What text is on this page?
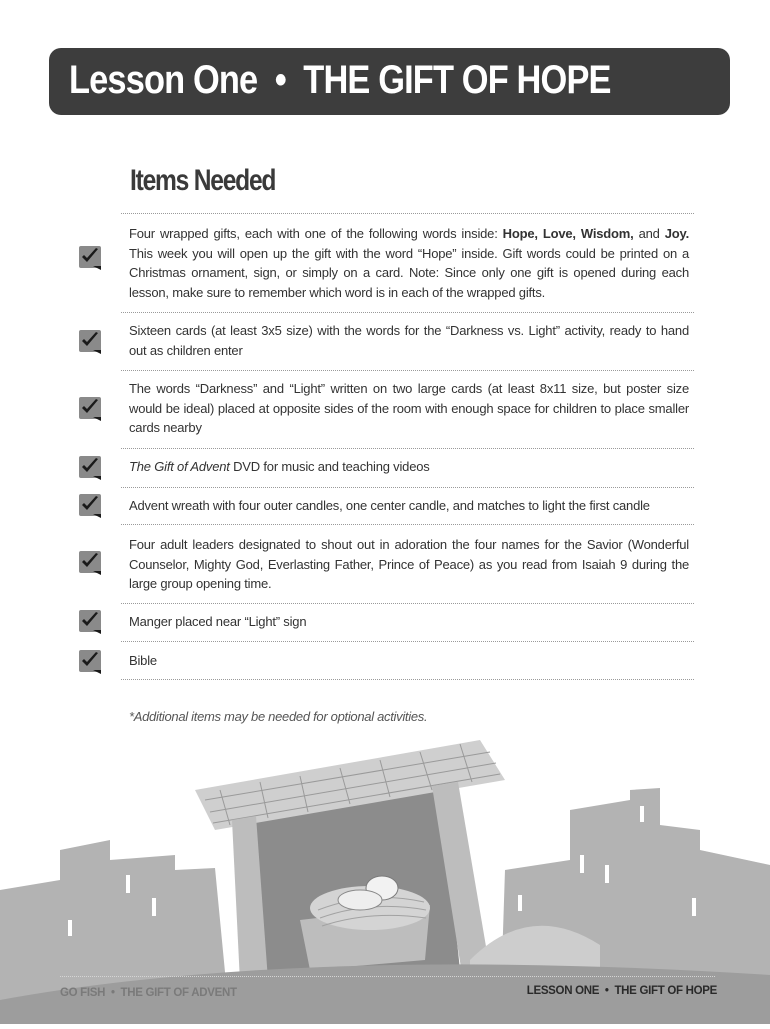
Lesson One • THE GIFT OF HOPE
Items Needed
Four wrapped gifts, each with one of the following words inside: Hope, Love, Wisdom, and Joy. This week you will open up the gift with the word “Hope” inside. Gift words could be printed on a Christmas ornament, sign, or simply on a card. Note: Since only one gift is opened during each lesson, make sure to remember which word is in each of the wrapped gifts.
Sixteen cards (at least 3x5 size) with the words for the “Darkness vs. Light” activity, ready to hand out as children enter
The words “Darkness” and “Light” written on two large cards (at least 8x11 size, but poster size would be ideal) placed at opposite sides of the room with enough space for children to place smaller cards nearby
The Gift of Advent DVD for music and teaching videos
Advent wreath with four outer candles, one center candle, and matches to light the first candle
Four adult leaders designated to shout out in adoration the four names for the Savior (Wonderful Counselor, Mighty God, Everlasting Father, Prince of Peace) as you read from Isaiah 9 during the large group opening time.
Manger placed near “Light” sign
Bible
*Additional items may be needed for optional activities.
GO FISH • THE GIFT OF ADVENT	LESSON ONE • THE GIFT OF HOPE
